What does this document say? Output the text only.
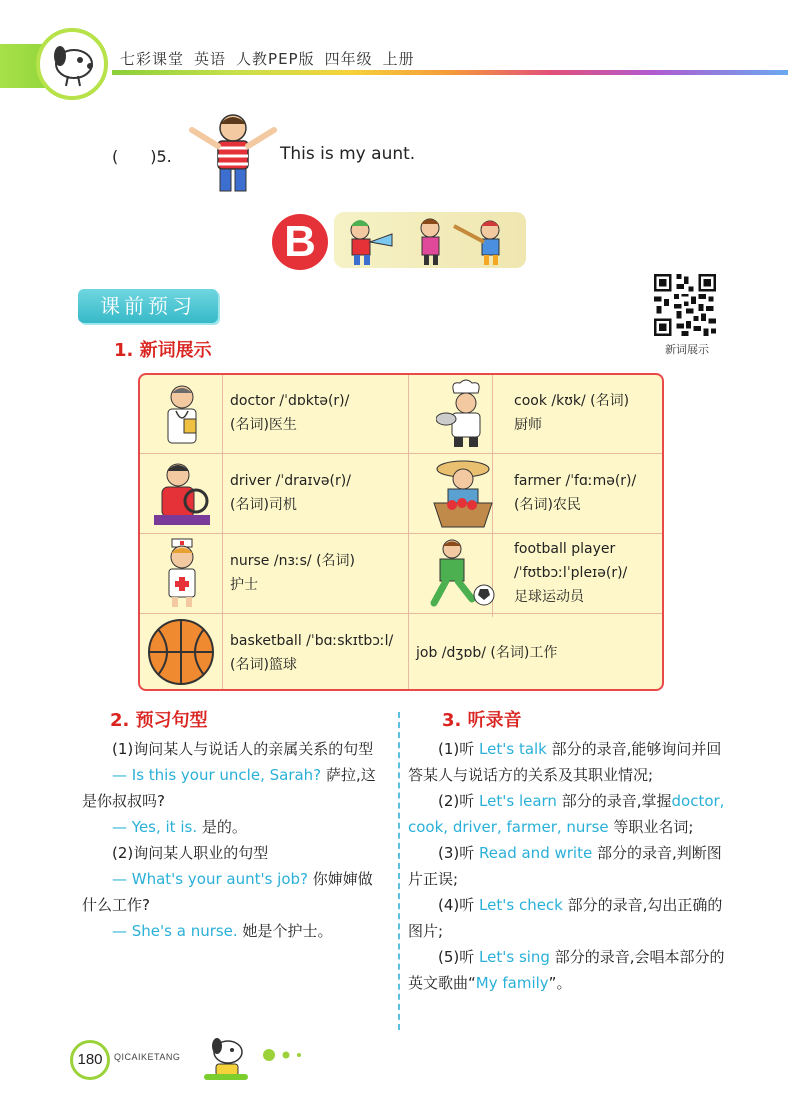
七彩课堂 英语 人教PEP版 四年级 上册
(　　)5.	This is my aunt.
B
课前预习
新词展示
1. 新词展示
doctor /ˈdɒktə(r)/
(名词)医生
cook /kʊk/ (名词)
厨师
driver /ˈdraɪvə(r)/
(名词)司机
farmer /ˈfɑːmə(r)/
(名词)农民
nurse /nɜːs/ (名词)
护士
football player
/ˈfʊtbɔːlˈpleɪə(r)/
足球运动员
basketball /ˈbɑːskɪtbɔːl/
(名词)篮球
job /dʒɒb/ (名词)工作
2. 预习句型

(1)询问某人与说话人的亲属关系的句型

— Is this your uncle, Sarah? 萨拉,这是你叔叔吗?

— Yes, it is. 是的。

(2)询问某人职业的句型

— What's your aunt's job? 你婶婶做什么工作?

— She's a nurse. 她是个护士。

3. 听录音

(1)听 Let's talk 部分的录音,能够询问并回答某人与说话方的关系及其职业情况;

(2)听 Let's learn 部分的录音,掌握doctor, cook, driver, farmer, nurse 等职业名词;

(3)听 Read and write 部分的录音,判断图片正误;

(4)听 Let's check 部分的录音,勾出正确的图片;

(5)听 Let's sing 部分的录音,会唱本部分的英文歌曲“My family”。

180	QICAIKETANG
